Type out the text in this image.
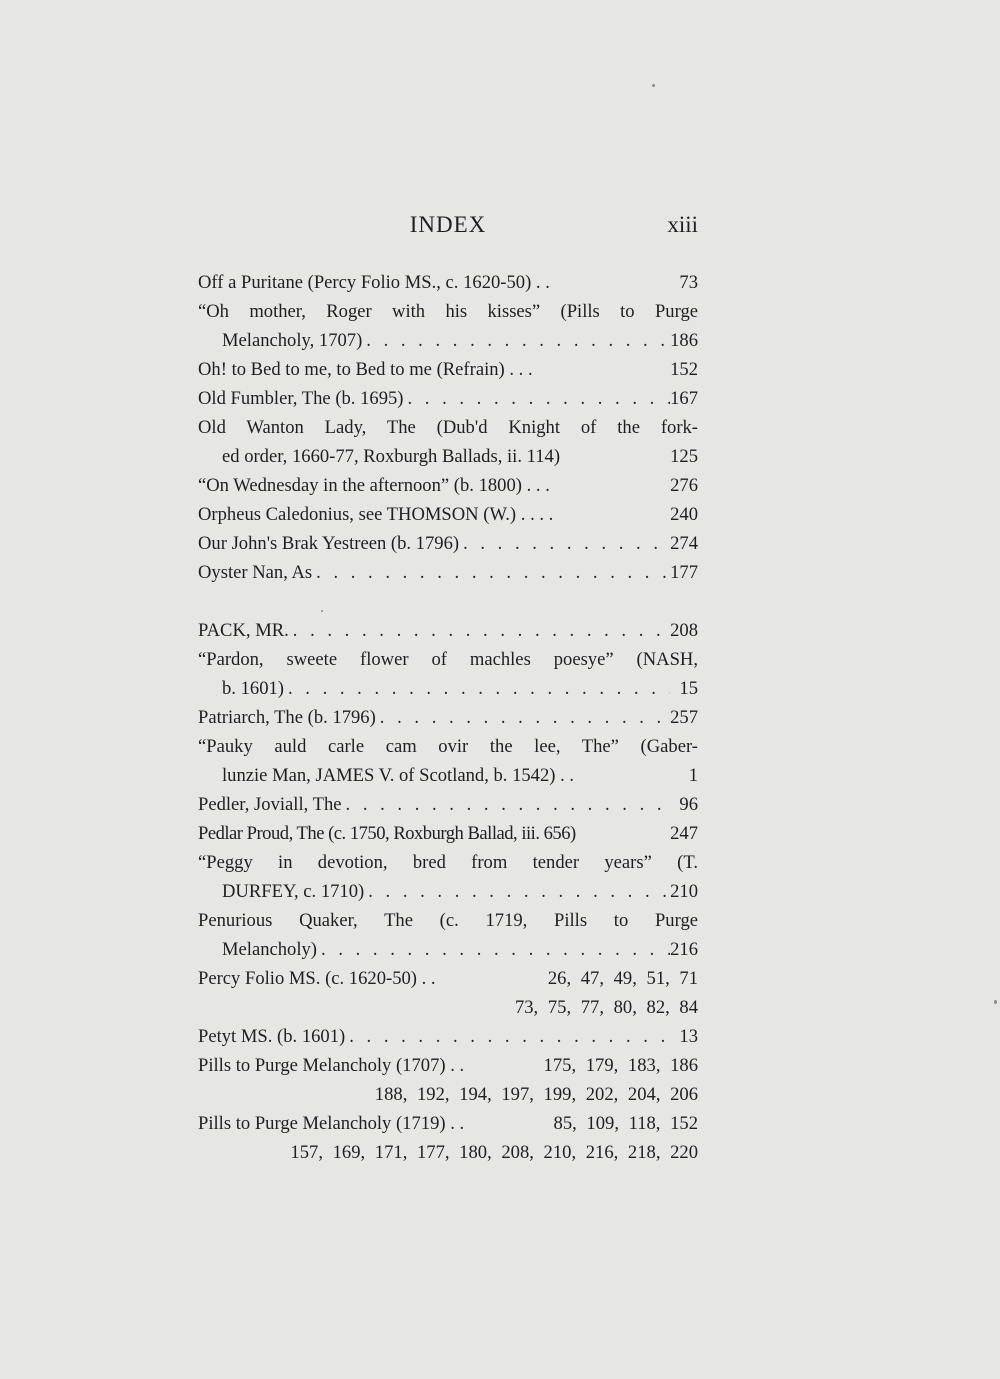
INDEX	xiii
Off a Puritane (Percy Folio MS., c. 1620-50) . .	73
“Oh mother, Roger with his kisses” (Pills to Purge
Melancholy, 1707) . . .	186
Oh! to Bed to me, to Bed to me (Refrain) . . .	152
Old Fumbler, The (b. 1695) . . .	167
Old Wanton Lady, The (Dub'd Knight of the fork-
ed order, 1660-77, Roxburgh Ballads, ii. 114)	125
“On Wednesday in the afternoon” (b. 1800) . . .	276
Orpheus Caledonius, see THOMSON (W.) . . . .	240
Our John's Brak Yestreen (b. 1796) . . .	274
Oyster Nan, As . . .	177
PACK, MR. . . .	208
“Pardon, sweete flower of machles poesye” (NASH,
b. 1601) . . .	15
Patriarch, The (b. 1796) . . .	257
“Pauky auld carle cam ovir the lee, The” (Gaber-
lunzie Man, JAMES V. of Scotland, b. 1542) . .	1
Pedler, Joviall, The . . .	96
Pedlar Proud, The (c. 1750, Roxburgh Ballad, iii. 656)	247
“Peggy in devotion, bred from tender years” (T.
DURFEY, c. 1710) . . .	210
Penurious Quaker, The (c. 1719, Pills to Purge
Melancholy) . . .	216
Percy Folio MS. (c. 1620-50) . .	26, 47, 49, 51, 71
73, 75, 77, 80, 82, 84
Petyt MS. (b. 1601) . . .	13
Pills to Purge Melancholy (1707) . .	175, 179, 183, 186
188, 192, 194, 197, 199, 202, 204, 206
Pills to Purge Melancholy (1719) . .	85, 109, 118, 152
157, 169, 171, 177, 180, 208, 210, 216, 218, 220
